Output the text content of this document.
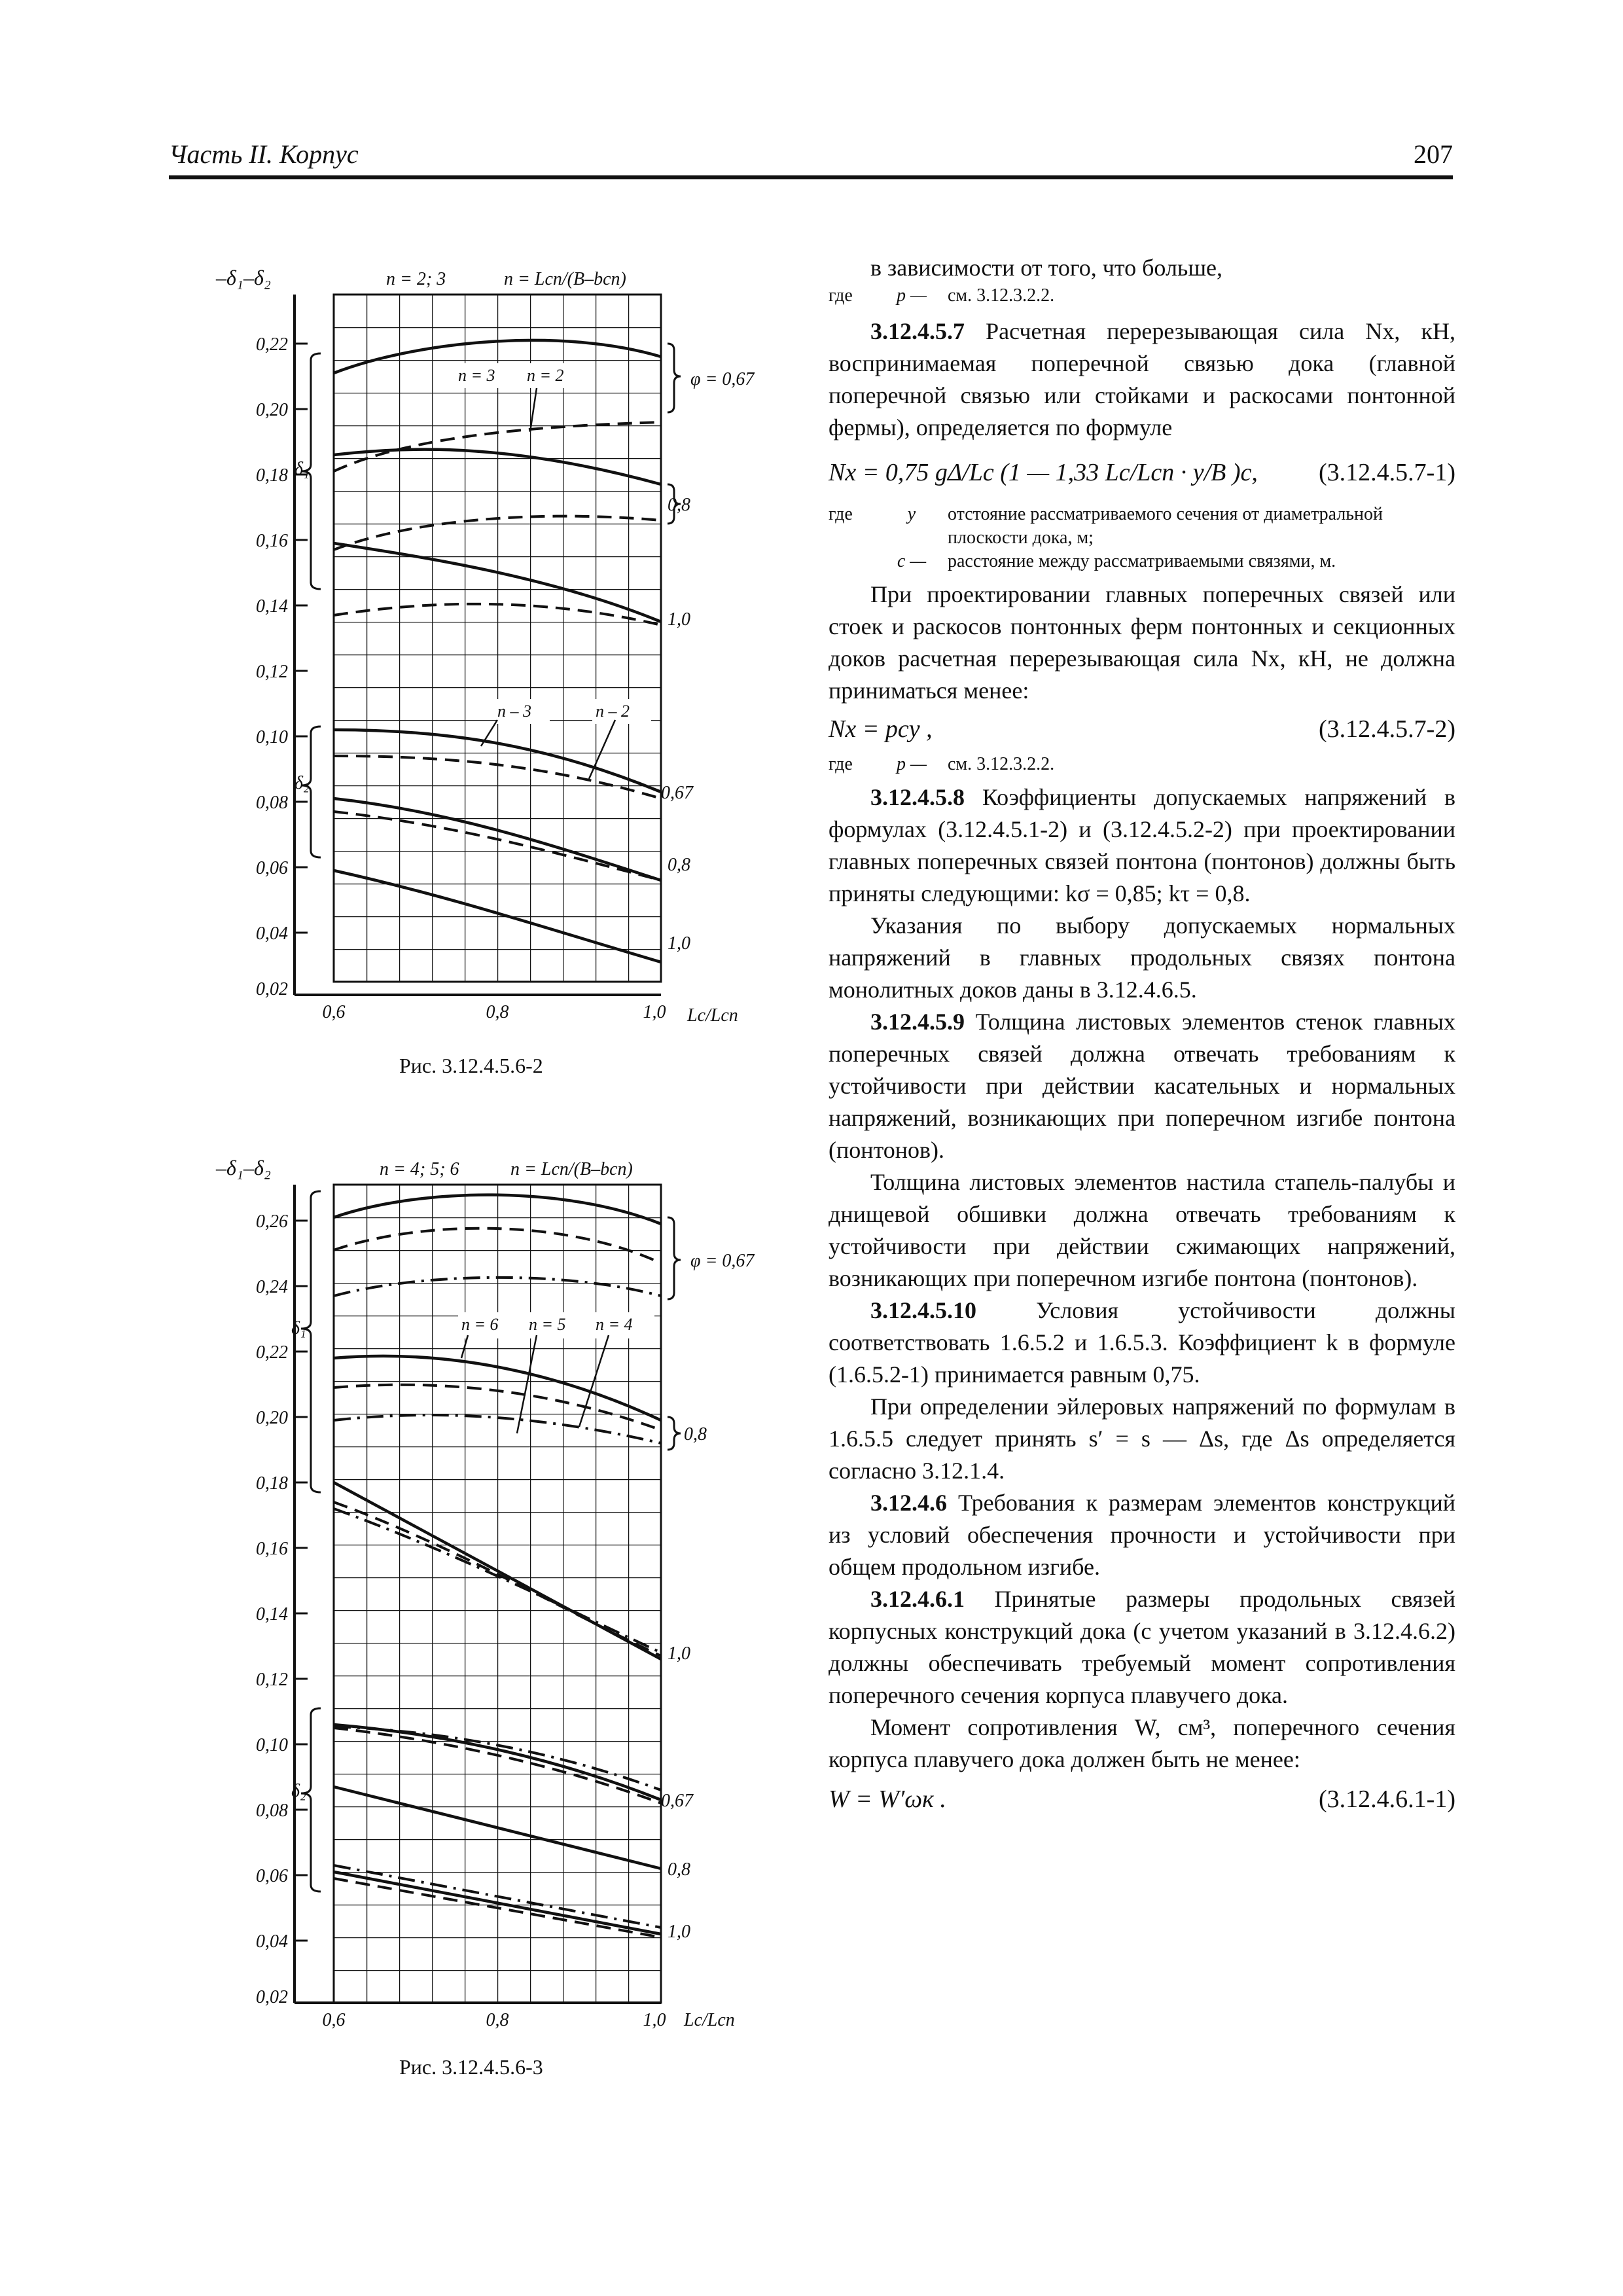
Часть II. Корпус	207
–δ₁–δ₂	n = 2; 3	n = Lсп/(B–bсп)
0,22
0,20
0,18
0,16
0,14
0,12
0,10
0,08
0,06
0,04
0,02
0,6	0,8	1,0 Lc/Lсп
δ₁
δ₂
n = 3 n = 2
n – 3	n – 2
φ = 0,67
0,8
1,0
0,67
0,8
1,0
Рис. 3.12.4.5.6-2
–δ₁–δ₂	n = 4; 5; 6	n = Lсп/(B–bсп)
0,26
0,24
0,22
0,20
0,18
0,16
0,14
0,12
0,10
0,08
0,06
0,04
0,02
0,6	0,8	1,0 Lc/Lсп
δ₁
δ₂
n = 6 n = 5 n = 4
φ = 0,67
0,8
1,0
0,67
0,8
1,0
Рис. 3.12.4.5.6-3

в зависимости от того, что больше,

где	p —	см. 3.12.3.2.2.

3.12.4.5.7 Расчетная перерезывающая сила Nx, кН, воспринимаемая поперечной связью дока (главной поперечной связью или стойками и раскосами понтонной фермы), определяется по формуле

Nx = 0,75 gΔ/Lc (1 — 1,33 Lc/Lсп · y/B )c, (3.12.4.5.7-1)
где	y	отстояние рассматриваемого сечения от диаметральной плоскости дока, м;
c —	расстояние между рассматриваемыми связями, м.

При проектировании главных поперечных связей или стоек и раскосов понтонных ферм понтонных и секционных доков расчетная перерезывающая сила Nx, кН, не должна приниматься менее:

Nx = pcy ,	(3.12.4.5.7-2)
где	p —	см. 3.12.3.2.2.

3.12.4.5.8 Коэффициенты допускаемых напряжений в формулах (3.12.4.5.1-2) и (3.12.4.5.2-2) при проектировании главных поперечных связей понтона (понтонов) должны быть приняты следующими: kσ = 0,85; kτ = 0,8.

Указания по выбору допускаемых нормальных напряжений в главных продольных связях понтона монолитных доков даны в 3.12.4.6.5.

3.12.4.5.9 Толщина листовых элементов стенок главных поперечных связей должна отвечать требованиям к устойчивости при действии касательных и нормальных напряжений, возникающих при поперечном изгибе понтона (понтонов).

Толщина листовых элементов настила стапель-палубы и днищевой обшивки должна отвечать требованиям к устойчивости при действии сжимающих напряжений, возникающих при поперечном изгибе понтона (понтонов).

3.12.4.5.10 Условия устойчивости должны соответствовать 1.6.5.2 и 1.6.5.3. Коэффициент k в формуле (1.6.5.2-1) принимается равным 0,75.

При определении эйлеровых напряжений по формулам в 1.6.5.5 следует принять s′ = s — Δs, где Δs определяется согласно 3.12.1.4.

3.12.4.6 Требования к размерам элементов конструкций из условий обеспечения прочности и устойчивости при общем продольном изгибе.

3.12.4.6.1 Принятые размеры продольных связей корпусных конструкций дока (с учетом указаний в 3.12.4.6.2) должны обеспечивать требуемый момент сопротивления поперечного сечения корпуса плавучего дока.

Момент сопротивления W, см³, поперечного сечения корпуса плавучего дока должен быть не менее:

W = W′ωк .	(3.12.4.6.1-1)
